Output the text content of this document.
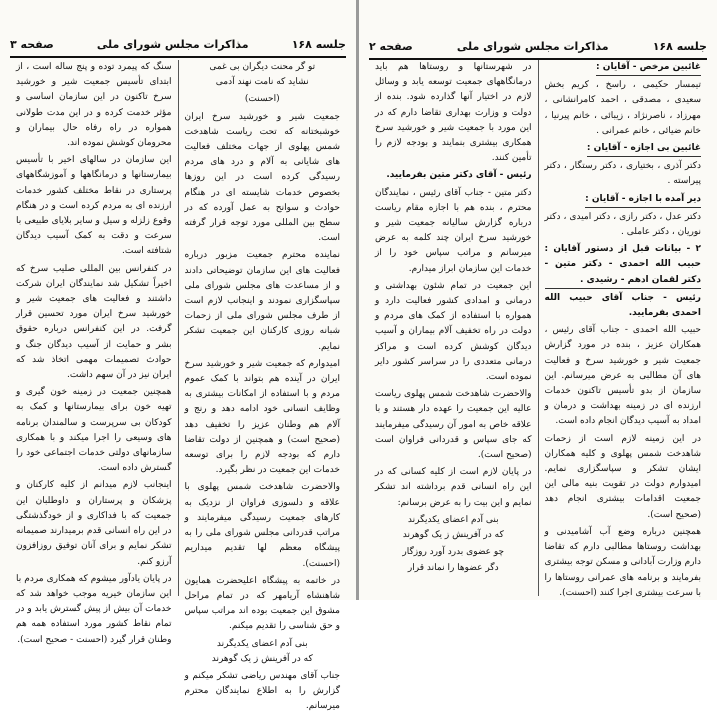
جلسه ۱۶۸
مذاکرات مجلس شورای ملی
صفحه ۲

غائبین مرخص - آقایان :

تیمسار حکیمی ، راسخ ، کریم بخش سعیدی ، مصدقی ، احمد کامرانشانی ، مهرزاد ، ناصرنژاد ، زیبائی ، خانم پیرنیا ، خانم ضیائی ، خانم عمرانی .

غائبین بی اجازه - آقایان :

دکتر آذری ، بختیاری ، دکتر رستگار ، دکتر پیراسته .

دیر آمده با اجازه - آقایان :

دکتر عدل ، دکتر رازی ، دکتر امیدی ، دکتر نوریان ، دکتر عاملی .

۲ - بیانات قبل از دستور آقایان : حبیب الله احمدی - دکتر متین - دکتر لقمان ادهم - رشیدی .

رئیس - جناب آقای حبیب الله احمدی بفرمایید.

حبیب الله احمدی - جناب آقای رئیس ، همکاران عزیز ، بنده در مورد گزارش جمعیت شیر و خورشید سرخ و فعالیت های آن مطالبی به عرض میرسانم. این سازمان از بدو تأسیس تاکنون خدمات ارزنده ای در زمینه بهداشت و درمان و امداد به آسیب دیدگان انجام داده است.

در این زمینه لازم است از زحمات شاهدخت شمس پهلوی و کلیه همکاران ایشان تشکر و سپاسگزاری نمایم. امیدوارم دولت در تقویت بنیه مالی این جمعیت اقدامات بیشتری انجام دهد (صحیح است).

همچنین درباره وضع آب آشامیدنی و بهداشت روستاها مطالبی دارم که تقاضا دارم وزارت آبادانی و مسکن توجه بیشتری بفرمایند و برنامه های عمرانی روستاها را با سرعت بیشتری اجرا کنند (احسنت).

در شهرستانها و روستاها هم باید درمانگاههای جمعیت توسعه یابد و وسائل لازم در اختیار آنها گذارده شود. بنده از دولت و وزارت بهداری تقاضا دارم که در این مورد با جمعیت شیر و خورشید سرخ همکاری بیشتری بنمایند و بودجه لازم را تأمین کنند.

رئیس - آقای دکتر متین بفرمایید.

دکتر متین - جناب آقای رئیس ، نمایندگان محترم ، بنده هم با اجازه مقام ریاست درباره گزارش سالیانه جمعیت شیر و خورشید سرخ ایران چند کلمه به عرض میرسانم و مراتب سپاس خود را از خدمات این سازمان ابراز میدارم.

این جمعیت در تمام شئون بهداشتی و درمانی و امدادی کشور فعالیت دارد و همواره با استفاده از کمک های مردم و دولت در راه تخفیف آلام بیماران و آسیب دیدگان کوشش کرده است و مراکز درمانی متعددی را در سراسر کشور دایر نموده است.

والاحضرت شاهدخت شمس پهلوی ریاست عالیه این جمعیت را عهده دار هستند و با علاقه خاص به امور آن رسیدگی میفرمایند که جای سپاس و قدردانی فراوان است (صحیح است).

در پایان لازم است از کلیه کسانی که در این راه انسانی قدم برداشته اند تشکر نمایم و این بیت را به عرض برسانم:

بنی آدم اعضای یکدیگرندکه در آفرینش ز یک گوهرند

چو عضوی بدرد آورد روزگاردگر عضوها را نماند قرار

جلسه ۱۶۸
مذاکرات مجلس شورای ملی
صفحه ۳

تو گر محنت دیگران بی غمینشاید که نامت نهند آدمی

(احسنت)

جمعیت شیر و خورشید سرخ ایران خوشبختانه که تحت ریاست شاهدخت شمس پهلوی از جهات مختلف فعالیت های شایانی به آلام و درد های مردم رسیدگی کرده است در این روزها بخصوص خدمات شایسته ای در هنگام حوادث و سوانح به عمل آورده که در سطح بین المللی مورد توجه قرار گرفته است.

نماینده محترم جمعیت مزبور درباره فعالیت های این سازمان توضیحاتی دادند و از مساعدت های مجلس شورای ملی سپاسگزاری نمودند و اینجانب لازم است از طرف مجلس شورای ملی از زحمات شبانه روزی کارکنان این جمعیت تشکر نمایم.

امیدوارم که جمعیت شیر و خورشید سرخ ایران در آینده هم بتواند با کمک عموم مردم و با استفاده از امکانات بیشتری به وظایف انسانی خود ادامه دهد و رنج و آلام هم وطنان عزیز را تخفیف دهد (صحیح است) و همچنین از دولت تقاضا دارم که بودجه لازم را برای توسعه خدمات این جمعیت در نظر بگیرد.

والاحضرت شاهدخت شمس پهلوی با علاقه و دلسوزی فراوان از نزدیک به کارهای جمعیت رسیدگی میفرمایند و مراتب قدردانی مجلس شورای ملی را به پیشگاه معظم لها تقدیم میداریم (احسنت).

در خاتمه به پیشگاه اعلیحضرت همایون شاهنشاه آریامهر که در تمام مراحل مشوق این جمعیت بوده اند مراتب سپاس و حق شناسی را تقدیم میکنم.

بنی آدم اعضای یکدیگرندکه در آفرینش ز یک گوهرند

جناب آقای مهندس ریاضی تشکر میکنم و گزارش را به اطلاع نمایندگان محترم میرسانم.

سنگ که پیمرد توده و پنج ساله است ، از ابتدای تأسیس جمعیت شیر و خورشید سرخ تاکنون در این سازمان اساسی و مؤثر خدمت کرده و در این مدت طولانی همواره در راه رفاه حال بیماران و محرومان کوشش نموده اند.

این سازمان در سالهای اخیر با تأسیس بیمارستانها و درمانگاهها و آموزشگاههای پرستاری در نقاط مختلف کشور خدمات ارزنده ای به مردم کرده است و در هنگام وقوع زلزله و سیل و سایر بلایای طبیعی با سرعت و دقت به کمک آسیب دیدگان شتافته است.

در کنفرانس بین المللی صلیب سرخ که اخیراً تشکیل شد نمایندگان ایران شرکت داشتند و فعالیت های جمعیت شیر و خورشید سرخ ایران مورد تحسین قرار گرفت. در این کنفرانس درباره حقوق بشر و حمایت از آسیب دیدگان جنگ و حوادث تصمیمات مهمی اتخاذ شد که ایران نیز در آن سهم داشت.

همچنین جمعیت در زمینه خون گیری و تهیه خون برای بیمارستانها و کمک به کودکان بی سرپرست و سالمندان برنامه های وسیعی را اجرا میکند و با همکاری سازمانهای دولتی خدمات اجتماعی خود را گسترش داده است.

اینجانب لازم میدانم از کلیه کارکنان و پزشکان و پرستاران و داوطلبان این جمعیت که با فداکاری و از خودگذشتگی در این راه انسانی قدم برمیدارند صمیمانه تشکر نمایم و برای آنان توفیق روزافزون آرزو کنم.

در پایان یادآور میشوم که همکاری مردم با این سازمان خیریه موجب خواهد شد که خدمات آن بیش از پیش گسترش یابد و در تمام نقاط کشور مورد استفاده همه هم وطنان قرار گیرد (احسنت - صحیح است).
